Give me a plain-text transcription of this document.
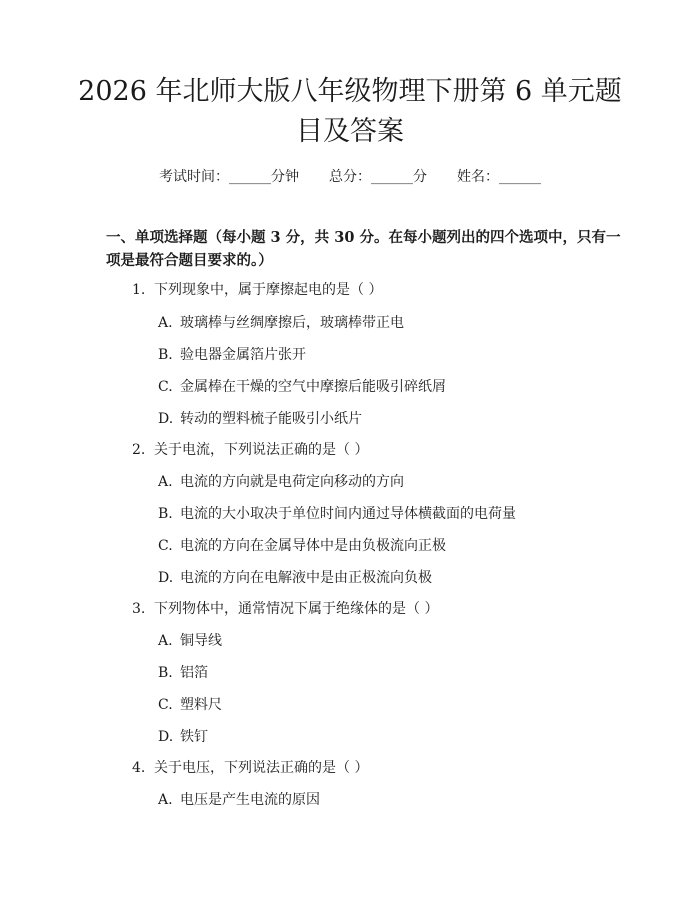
2026 年北师大版八年级物理下册第 6 单元题目及答案
考试时间：______分钟 总分：______分 姓名：______

一、单项选择题（每小题 3 分，共 30 分。在每小题列出的四个选项中，只有一项是最符合题目要求的。）

1. 下列现象中，属于摩擦起电的是（ ）
A. 玻璃棒与丝绸摩擦后，玻璃棒带正电
B. 验电器金属箔片张开
C. 金属棒在干燥的空气中摩擦后能吸引碎纸屑
D. 转动的塑料梳子能吸引小纸片
2. 关于电流，下列说法正确的是（ ）
A. 电流的方向就是电荷定向移动的方向
B. 电流的大小取决于单位时间内通过导体横截面的电荷量
C. 电流的方向在金属导体中是由负极流向正极
D. 电流的方向在电解液中是由正极流向负极
3. 下列物体中，通常情况下属于绝缘体的是（ ）
A. 铜导线
B. 铝箔
C. 塑料尺
D. 铁钉
4. 关于电压，下列说法正确的是（ ）
A. 电压是产生电流的原因
